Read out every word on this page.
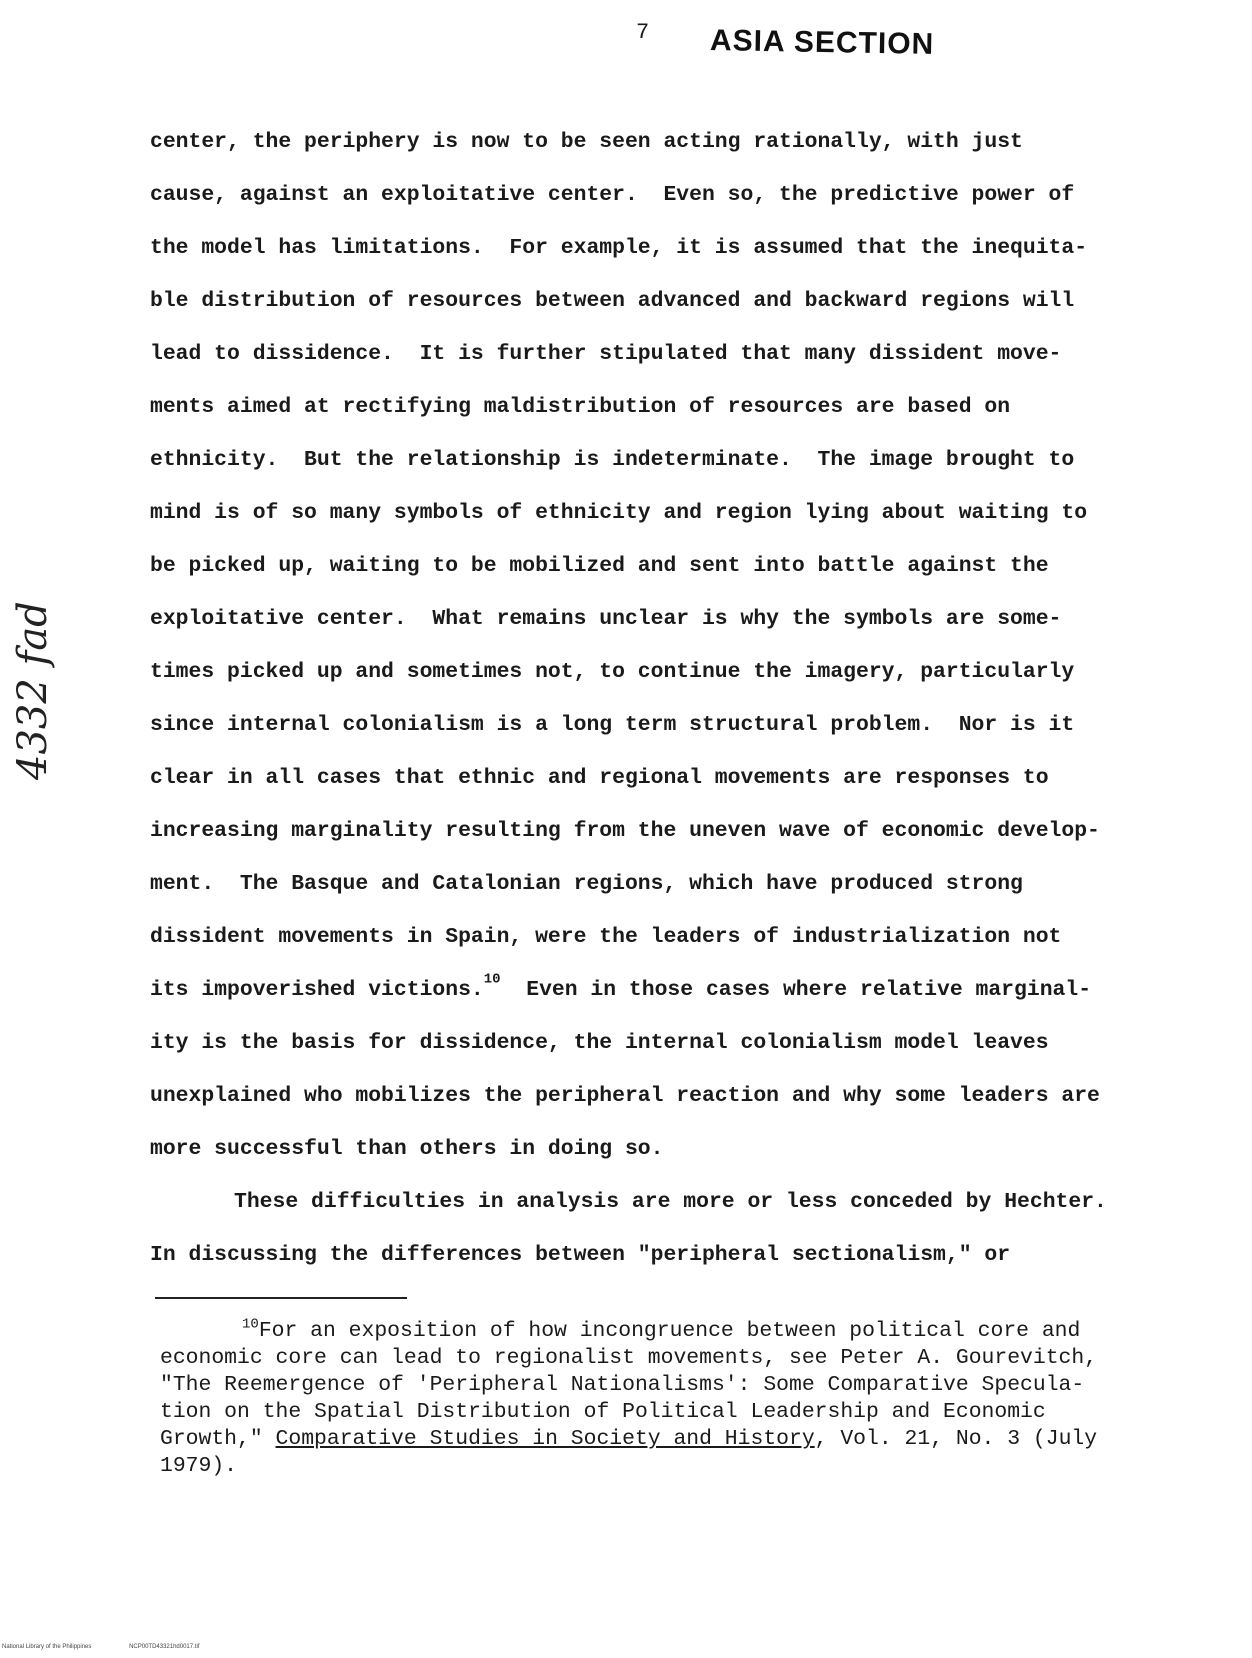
7 ASIA SECTION
4332 fad
center, the periphery is now to be seen acting rationally, with just
cause, against an exploitative center.  Even so, the predictive power of
the model has limitations.  For example, it is assumed that the inequita-
ble distribution of resources between advanced and backward regions will
lead to dissidence.  It is further stipulated that many dissident move-
ments aimed at rectifying maldistribution of resources are based on
ethnicity.  But the relationship is indeterminate.  The image brought to
mind is of so many symbols of ethnicity and region lying about waiting to
be picked up, waiting to be mobilized and sent into battle against the
exploitative center.  What remains unclear is why the symbols are some-
times picked up and sometimes not, to continue the imagery, particularly
since internal colonialism is a long term structural problem.  Nor is it
clear in all cases that ethnic and regional movements are responses to
increasing marginality resulting from the uneven wave of economic develop-
ment.  The Basque and Catalonian regions, which have produced strong
dissident movements in Spain, were the leaders of industrialization not
its impoverished victions.$^{10}$  Even in those cases where relative marginal-
ity is the basis for dissidence, the internal colonialism model leaves
unexplained who mobilizes the peripheral reaction and why some leaders are
more successful than others in doing so.
These difficulties in analysis are more or less conceded by Hechter.
In discussing the differences between "peripheral sectionalism," or
$^{10}$For an exposition of how incongruence between political core and
economic core can lead to regionalist movements, see Peter A. Gourevitch,
"The Reemergence of 'Peripheral Nationalisms': Some Comparative Specula-
tion on the Spatial Distribution of Political Leadership and Economic
Growth," Comparative Studies in Society and History, Vol. 21, No. 3 (July
1979).
National Library of the Philippines	NCP00TD43321hd0017.tif
